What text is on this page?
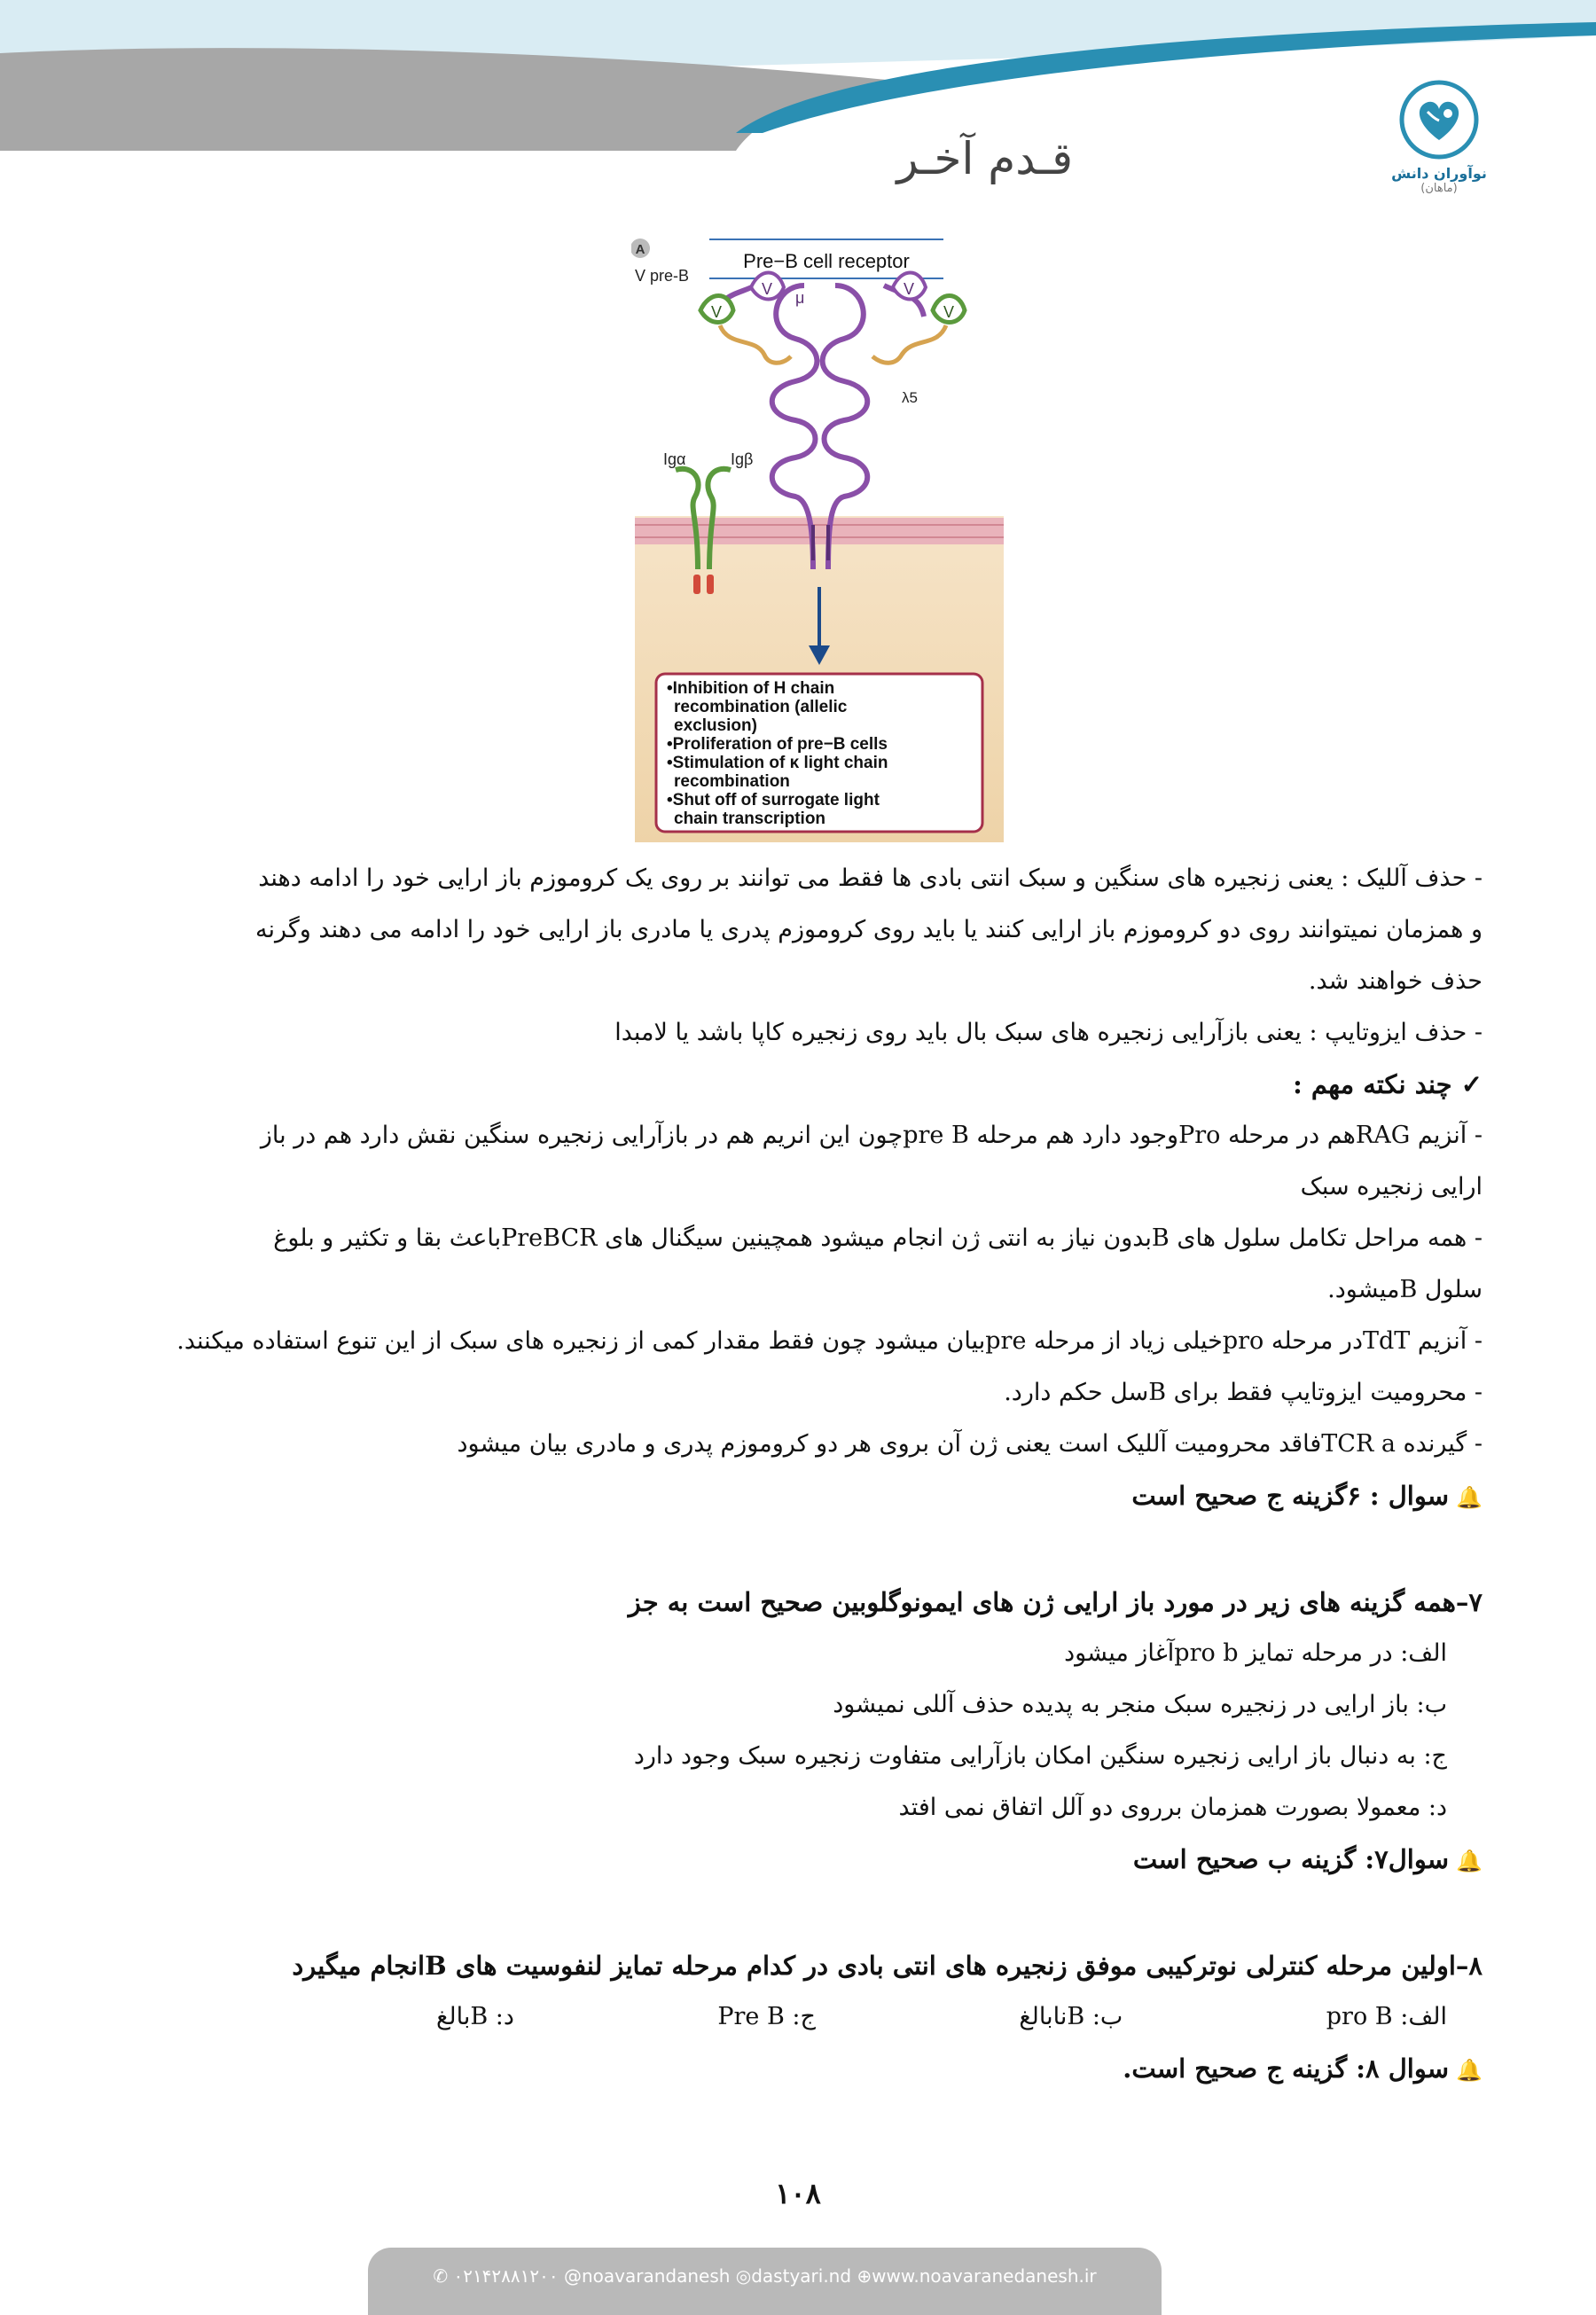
قـدم آخـر	نوآوران دانش
(ماهان)
A
Pre−B cell receptor
V	V
μ
V	V
V pre-B
λ5
Igα	Igβ
•Inhibition of H chain
recombination (allelic
exclusion)
•Proliferation of pre−B cells
•Stimulation of κ light chain
recombination
•Shut off of surrogate light
chain transcription

- حذف آللیک : یعنی زنجیره های سنگین و سبک انتی بادی ها فقط می توانند بر روی یک کروموزم باز ارایی خود را ادامه دهند

و همزمان نمیتوانند روی دو کروموزم باز ارایی کنند یا باید روی کروموزم پدری یا مادری باز ارایی خود را ادامه می دهند وگرنه

حذف خواهند شد.

- حذف ایزوتایپ : یعنی بازآرایی زنجیره های سبک بال باید روی زنجیره کاپا باشد یا لامبدا

✓ چند نکته مهم :

- آنزیم RAGهم در مرحله Proوجود دارد هم مرحله pre Bچون این انریم هم در بازآرایی زنجیره سنگین نقش دارد هم در باز

ارایی زنجیره سبک

- همه مراحل تکامل سلول های Bبدون نیاز به انتی ژن انجام میشود همچینین سیگنال های PreBCRباعث بقا و تکثیر و بلوغ

سلول Bمیشود.

- آنزیم TdTدر مرحله proخیلی زیاد از مرحله preبیان میشود چون فقط مقدار کمی از زنجیره های سبک از این تنوع استفاده میکنند.

- محرومیت ایزوتایپ فقط برای Bسل حکم دارد.

- گیرنده TCR aفاقد محرومیت آللیک است یعنی ژن آن بروی هر دو کروموزم پدری و مادری بیان میشود

🔔سوال : ۶گزینه ج صحیح است

۷–همه گزینه های زیر در مورد باز ارایی ژن های ایمونوگلوبین صحیح است به جز

الف: در مرحله تمایز pro bآغاز میشود

ب: باز ارایی در زنجیره سبک منجر به پدیده حذف آللی نمیشود

ج: به دنبال باز ارایی زنجیره سنگین امکان بازآرایی متفاوت زنجیره سبک وجود دارد

د: معمولا بصورت همزمان برروی دو آلل اتفاق نمی افتد

🔔سوال۷: گزینه ب صحیح است

۸–اولین مرحله کنترلی نوترکیبی موفق زنجیره های انتی بادی در کدام مرحله تمایز لنفوسیت های Bانجام میگیرد

الف: pro B
ب: Bنابالغ
ج: Pre B
د: Bبالغ

🔔سوال ۸: گزینه ج صحیح است.

۱۰۸
✆ ۰۲۱۴۲۸۸۱۲۰۰ @noavarandanesh ◎dastyari.nd ⊕www.noavaranedanesh.ir
